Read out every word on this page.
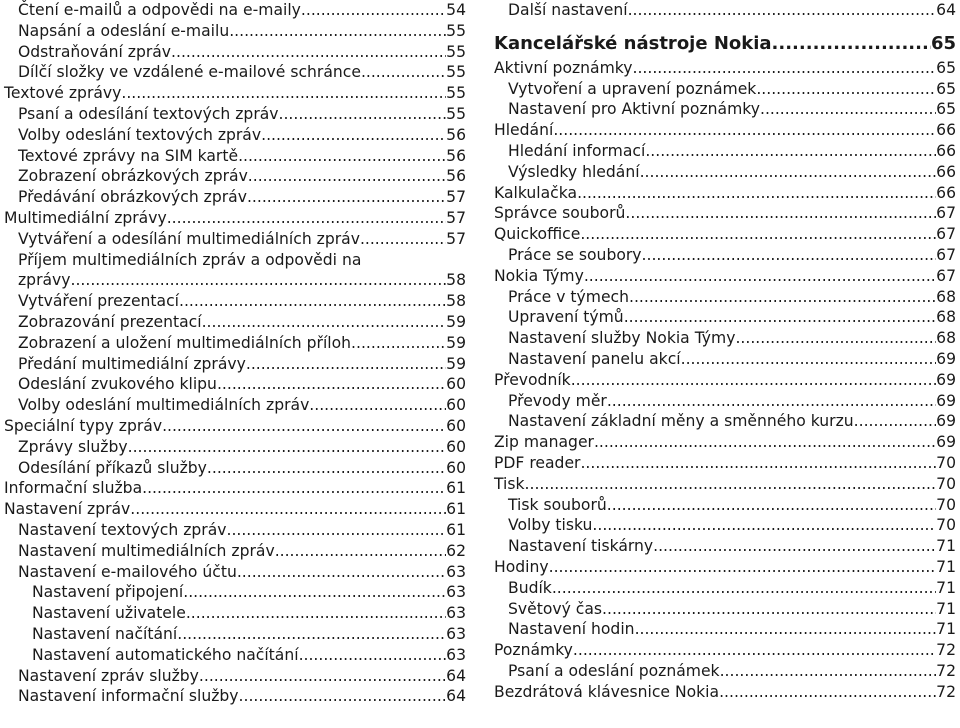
Čtení e-mailů a odpovědi na e-maily .....	54
Napsání a odeslání e-mailu .....	55
Odstraňování zpráv .....	55
Dílčí složky ve vzdálené e-mailové schránce .....	55
Textové zprávy .....	55
Psaní a odesílání textových zpráv .....	55
Volby odeslání textových zpráv .....	56
Textové zprávy na SIM kartě .....	56
Zobrazení obrázkových zpráv .....	56
Předávání obrázkových zpráv .....	57
Multimediální zprávy .....	57
Vytváření a odesílání multimediálních zpráv .....	57
Příjem multimediálních zpráv a odpovědi na
zprávy .....	58
Vytváření prezentací .....	58
Zobrazování prezentací .....	59
Zobrazení a uložení multimediálních příloh .....	59
Předání multimediální zprávy .....	59
Odeslání zvukového klipu .....	60
Volby odeslání multimediálních zpráv .....	60
Speciální typy zpráv .....	60
Zprávy služby .....	60
Odesílání příkazů služby .....	60
Informační služba .....	61
Nastavení zpráv .....	61
Nastavení textových zpráv .....	61
Nastavení multimediálních zpráv .....	62
Nastavení e-mailového účtu .....	63
Nastavení připojení .....	63
Nastavení uživatele .....	63
Nastavení načítání .....	63
Nastavení automatického načítání .....	63
Nastavení zpráv služby .....	64
Nastavení informační služby .....	64
Další nastavení .....	64
Kancelářské nástroje Nokia .....	65
Aktivní poznámky .....	65
Vytvoření a upravení poznámek .....	65
Nastavení pro Aktivní poznámky .....	65
Hledání .....	66
Hledání informací .....	66
Výsledky hledání .....	66
Kalkulačka .....	66
Správce souborů .....	67
Quickoffice .....	67
Práce se soubory .....	67
Nokia Týmy .....	67
Práce v týmech .....	68
Upravení týmů .....	68
Nastavení služby Nokia Týmy .....	68
Nastavení panelu akcí .....	69
Převodník .....	69
Převody měr .....	69
Nastavení základní měny a směnného kurzu .....	69
Zip manager .....	69
PDF reader .....	70
Tisk .....	70
Tisk souborů .....	70
Volby tisku .....	70
Nastavení tiskárny .....	71
Hodiny .....	71
Budík .....	71
Světový čas .....	71
Nastavení hodin .....	71
Poznámky .....	72
Psaní a odeslání poznámek .....	72
Bezdrátová klávesnice Nokia .....	72
